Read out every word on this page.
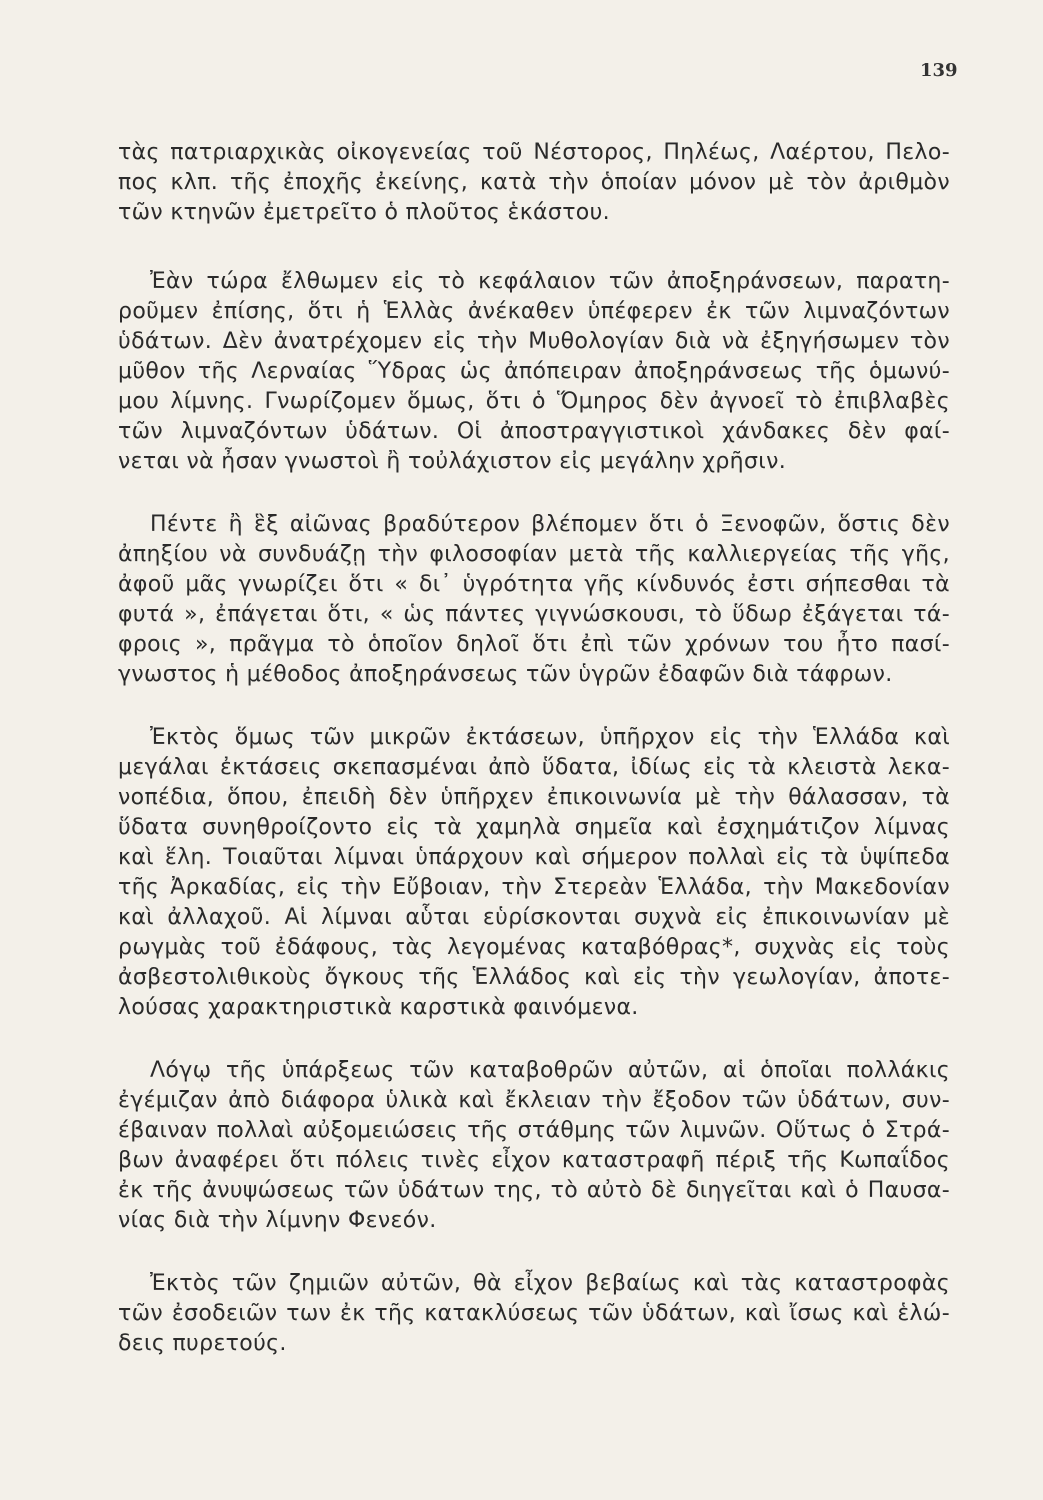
139
τὰς πατριαρχικὰς οἰκογενείας τοῦ Νέστορος, Πηλέως, Λαέρτου, Πελο-
πος κλπ. τῆς ἐποχῆς ἐκείνης, κατὰ τὴν ὁποίαν μόνον μὲ τὸν ἀριθμὸν
τῶν κτηνῶν ἐμετρεῖτο ὁ πλοῦτος ἑκάστου.
Ἐὰν τώρα ἔλθωμεν εἰς τὸ κεφάλαιον τῶν ἀποξηράνσεων, παρατη-
ροῦμεν ἐπίσης, ὅτι ἡ Ἑλλὰς ἀνέκαθεν ὑπέφερεν ἐκ τῶν λιμναζόντων
ὑδάτων. Δὲν ἀνατρέχομεν εἰς τὴν Μυθολογίαν διὰ νὰ ἐξηγήσωμεν τὸν
μῦθον τῆς Λερναίας Ὕδρας ὡς ἀπόπειραν ἀποξηράνσεως τῆς ὁμωνύ-
μου λίμνης. Γνωρίζομεν ὅμως, ὅτι ὁ Ὅμηρος δὲν ἀγνοεῖ τὸ ἐπιβλαβὲς
τῶν λιμναζόντων ὑδάτων. Οἱ ἀποστραγγιστικοὶ χάνδακες δὲν φαί-
νεται νὰ ἦσαν γνωστοὶ ἢ τοὐλάχιστον εἰς μεγάλην χρῆσιν.
Πέντε ἢ ἓξ αἰῶνας βραδύτερον βλέπομεν ὅτι ὁ Ξενοφῶν, ὅστις δὲν
ἀπηξίου νὰ συνδυάζῃ τὴν φιλοσοφίαν μετὰ τῆς καλλιεργείας τῆς γῆς,
ἀφοῦ μᾶς γνωρίζει ὅτι « δι᾽ ὑγρότητα γῆς κίνδυνός ἐστι σήπεσθαι τὰ
φυτά », ἐπάγεται ὅτι, « ὡς πάντες γιγνώσκουσι, τὸ ὕδωρ ἐξάγεται τά-
φροις », πρᾶγμα τὸ ὁποῖον δηλοῖ ὅτι ἐπὶ τῶν χρόνων του ἦτο πασί-
γνωστος ἡ μέθοδος ἀποξηράνσεως τῶν ὑγρῶν ἐδαφῶν διὰ τάφρων.
Ἐκτὸς ὅμως τῶν μικρῶν ἐκτάσεων, ὑπῆρχον εἰς τὴν Ἑλλάδα καὶ
μεγάλαι ἐκτάσεις σκεπασμέναι ἀπὸ ὕδατα, ἰδίως εἰς τὰ κλειστὰ λεκα-
νοπέδια, ὅπου, ἐπειδὴ δὲν ὑπῆρχεν ἐπικοινωνία μὲ τὴν θάλασσαν, τὰ
ὕδατα συνηθροίζοντο εἰς τὰ χαμηλὰ σημεῖα καὶ ἐσχημάτιζον λίμνας
καὶ ἕλη. Τοιαῦται λίμναι ὑπάρχουν καὶ σήμερον πολλαὶ εἰς τὰ ὑψίπεδα
τῆς Ἀρκαδίας, εἰς τὴν Εὔβοιαν, τὴν Στερεὰν Ἑλλάδα, τὴν Μακεδονίαν
καὶ ἀλλαχοῦ. Αἱ λίμναι αὗται εὑρίσκονται συχνὰ εἰς ἐπικοινωνίαν μὲ
ρωγμὰς τοῦ ἐδάφους, τὰς λεγομένας καταβόθρας*, συχνὰς εἰς τοὺς
ἀσβεστολιθικοὺς ὄγκους τῆς Ἑλλάδος καὶ εἰς τὴν γεωλογίαν, ἀποτε-
λούσας χαρακτηριστικὰ καρστικὰ φαινόμενα.
Λόγῳ τῆς ὑπάρξεως τῶν καταβοθρῶν αὐτῶν, αἱ ὁποῖαι πολλάκις
ἐγέμιζαν ἀπὸ διάφορα ὑλικὰ καὶ ἔκλειαν τὴν ἔξοδον τῶν ὑδάτων, συν-
έβαιναν πολλαὶ αὐξομειώσεις τῆς στάθμης τῶν λιμνῶν. Οὕτως ὁ Στρά-
βων ἀναφέρει ὅτι πόλεις τινὲς εἶχον καταστραφῆ πέριξ τῆς Κωπαΐδος
ἐκ τῆς ἀνυψώσεως τῶν ὑδάτων της, τὸ αὐτὸ δὲ διηγεῖται καὶ ὁ Παυσα-
νίας διὰ τὴν λίμνην Φενεόν.
Ἐκτὸς τῶν ζημιῶν αὐτῶν, θὰ εἶχον βεβαίως καὶ τὰς καταστροφὰς
τῶν ἐσοδειῶν των ἐκ τῆς κατακλύσεως τῶν ὑδάτων, καὶ ἴσως καὶ ἑλώ-
δεις πυρετούς.
